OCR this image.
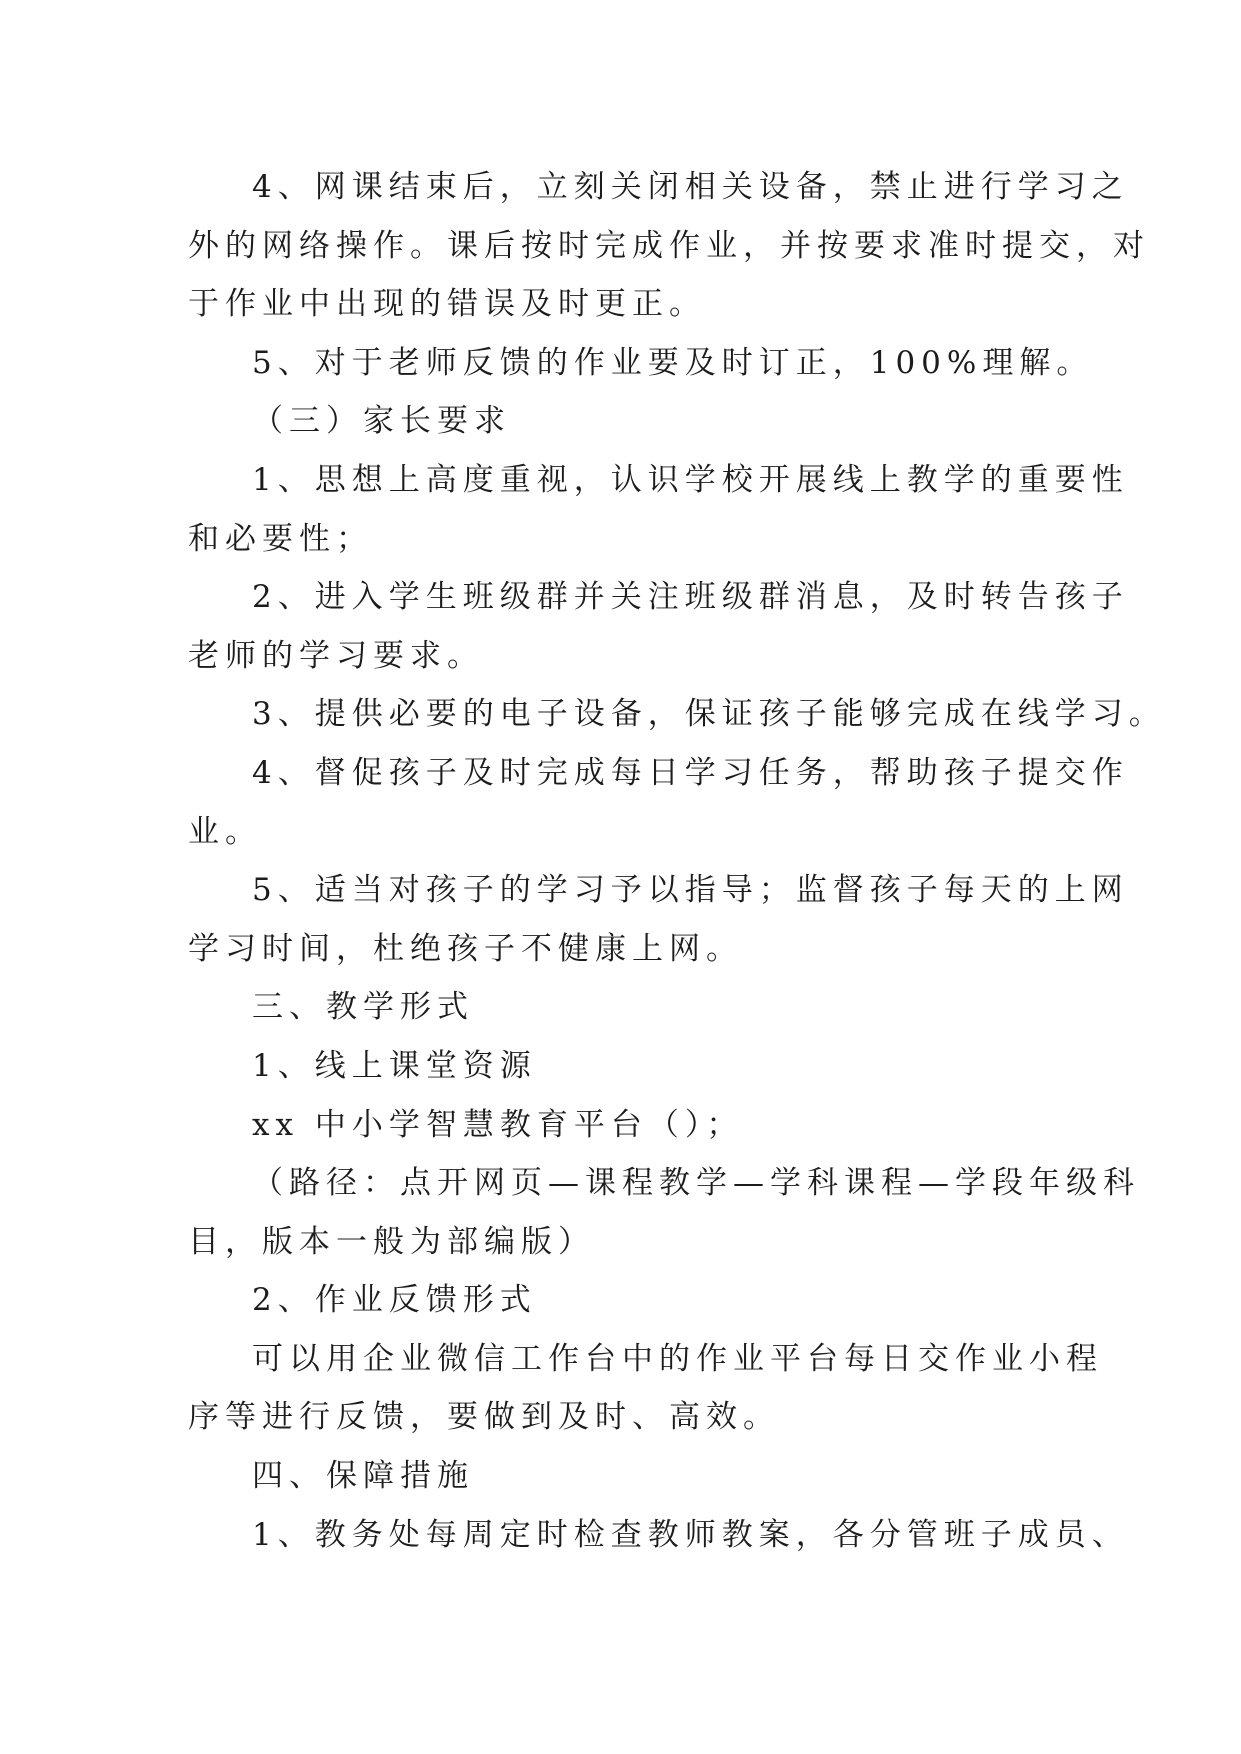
4、网课结束后，立刻关闭相关设备，禁止进行学习之
外的网络操作。课后按时完成作业，并按要求准时提交，对
于作业中出现的错误及时更正。
5、对于老师反馈的作业要及时订正，100%理解。
（三）家长要求
1、思想上高度重视，认识学校开展线上教学的重要性
和必要性；
2、进入学生班级群并关注班级群消息，及时转告孩子
老师的学习要求。
3、提供必要的电子设备，保证孩子能够完成在线学习。
4、督促孩子及时完成每日学习任务，帮助孩子提交作
业。
5、适当对孩子的学习予以指导；监督孩子每天的上网
学习时间，杜绝孩子不健康上网。
三、教学形式
1、线上课堂资源
xx 中小学智慧教育平台（）；
（路径：点开网页—课程教学—学科课程—学段年级科
目，版本一般为部编版）
2、作业反馈形式
可以用企业微信工作台中的作业平台每日交作业小程
序等进行反馈，要做到及时、高效。
四、保障措施
1、教务处每周定时检查教师教案，各分管班子成员、
